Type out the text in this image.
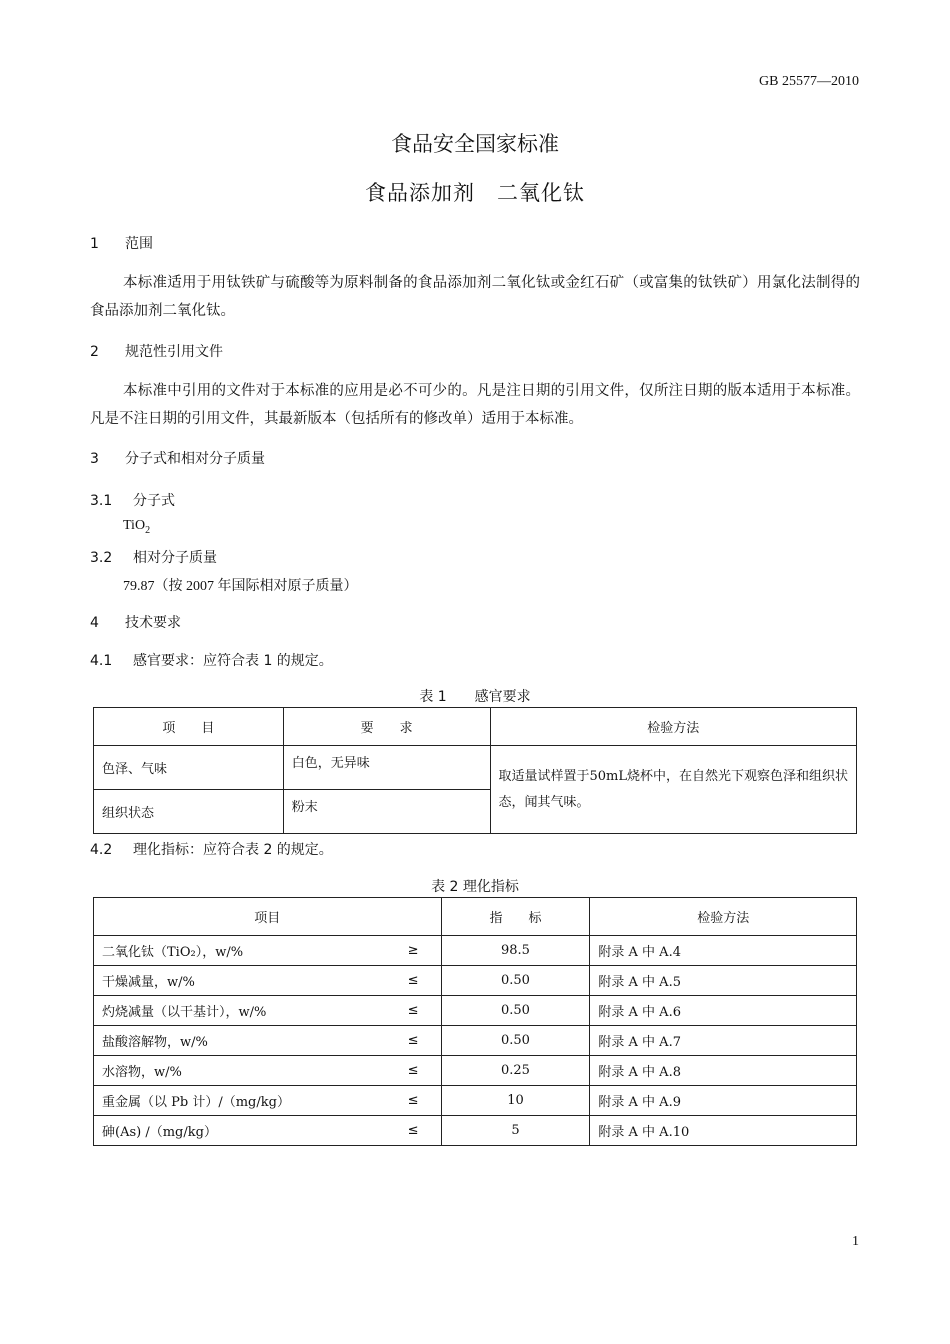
GB 25577—2010
食品安全国家标准
食品添加剂　二氧化钛
1 范围
本标准适用于用钛铁矿与硫酸等为原料制备的食品添加剂二氧化钛或金红石矿（或富集的钛铁矿）用氯化法制得的食品添加剂二氧化钛。
2 规范性引用文件
本标准中引用的文件对于本标准的应用是必不可少的。凡是注日期的引用文件，仅所注日期的版本适用于本标准。凡是不注日期的引用文件，其最新版本（包括所有的修改单）适用于本标准。
3 分子式和相对分子质量
3.1 分子式
TiO$_2$
3.2 相对分子质量
79.87（按 2007 年国际相对原子质量）
4 技术要求
4.1 感官要求：应符合表 1 的规定。
表 1　　感官要求
项　　目	要　　求	检验方法
色泽、气味	白色，无异味	取适量试样置于50mL烧杯中，在自然光下观察色泽和组织状态，闻其气味。
组织状态	粉末	
4.2 理化指标：应符合表 2 的规定。
表 2 理化指标
项目		指　　标	检验方法
二氧化钛（TiO₂），w/%	≥	98.5	附录 A 中 A.4
干燥减量，w/%	≤	0.50	附录 A 中 A.5
灼烧减量（以干基计），w/%	≤	0.50	附录 A 中 A.6
盐酸溶解物，w/%	≤	0.50	附录 A 中 A.7
水溶物，w/%	≤	0.25	附录 A 中 A.8
重金属（以 Pb 计）/（mg/kg）	≤	10	附录 A 中 A.9
砷(As) /（mg/kg）	≤	5	附录 A 中 A.10
1
